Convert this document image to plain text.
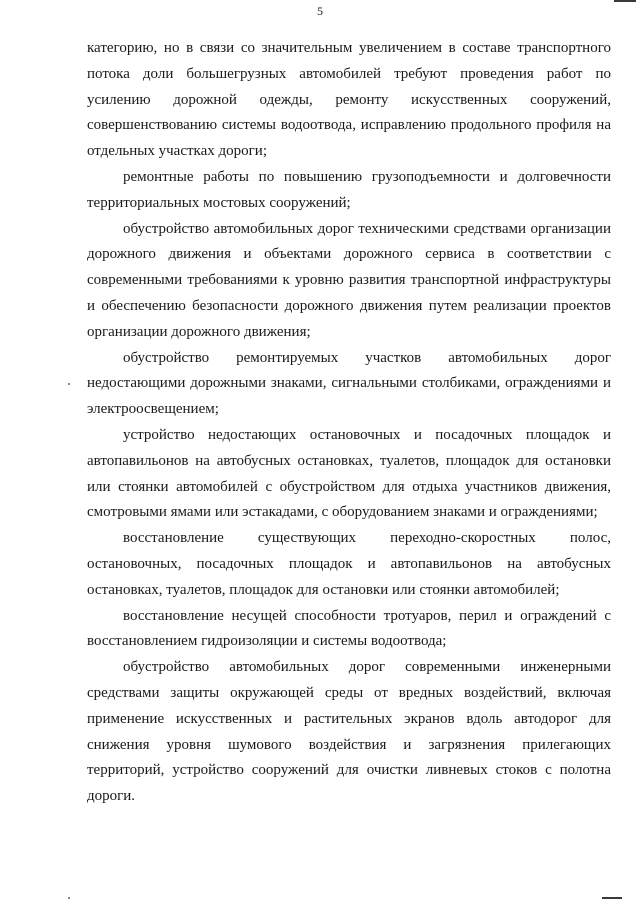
5

категорию, но в связи со значительным увеличением в составе транспортного потока доли большегрузных автомобилей требуют проведения работ по усилению дорожной одежды, ремонту искусственных сооружений, совершенствованию системы водоотвода, исправлению продольного профиля на отдельных участках дороги;

ремонтные работы по повышению грузоподъемности и долговечности территориальных мостовых сооружений;

обустройство автомобильных дорог техническими средствами организации дорожного движения и объектами дорожного сервиса в соответствии с современными требованиями к уровню развития транспортной инфраструктуры и обеспечению безопасности дорожного движения путем реализации проектов организации дорожного движения;

обустройство ремонтируемых участков автомобильных дорог недостающими дорожными знаками, сигнальными столбиками, ограждениями и электроосвещением;

устройство недостающих остановочных и посадочных площадок и автопавильонов на автобусных остановках, туалетов, площадок для остановки или стоянки автомобилей с обустройством для отдыха участников движения, смотровыми ямами или эстакадами, с оборудованием знаками и ограждениями;

восстановление существующих переходно-скоростных полос, остановочных, посадочных площадок и автопавильонов на автобусных остановках, туалетов, площадок для остановки или стоянки автомобилей;

восстановление несущей способности тротуаров, перил и ограждений с восстановлением гидроизоляции и системы водоотвода;

обустройство автомобильных дорог современными инженерными средствами защиты окружающей среды от вредных воздействий, включая применение искусственных и растительных экранов вдоль автодорог для снижения уровня шумового воздействия и загрязнения прилегающих территорий, устройство сооружений для очистки ливневых стоков с полотна дороги.
